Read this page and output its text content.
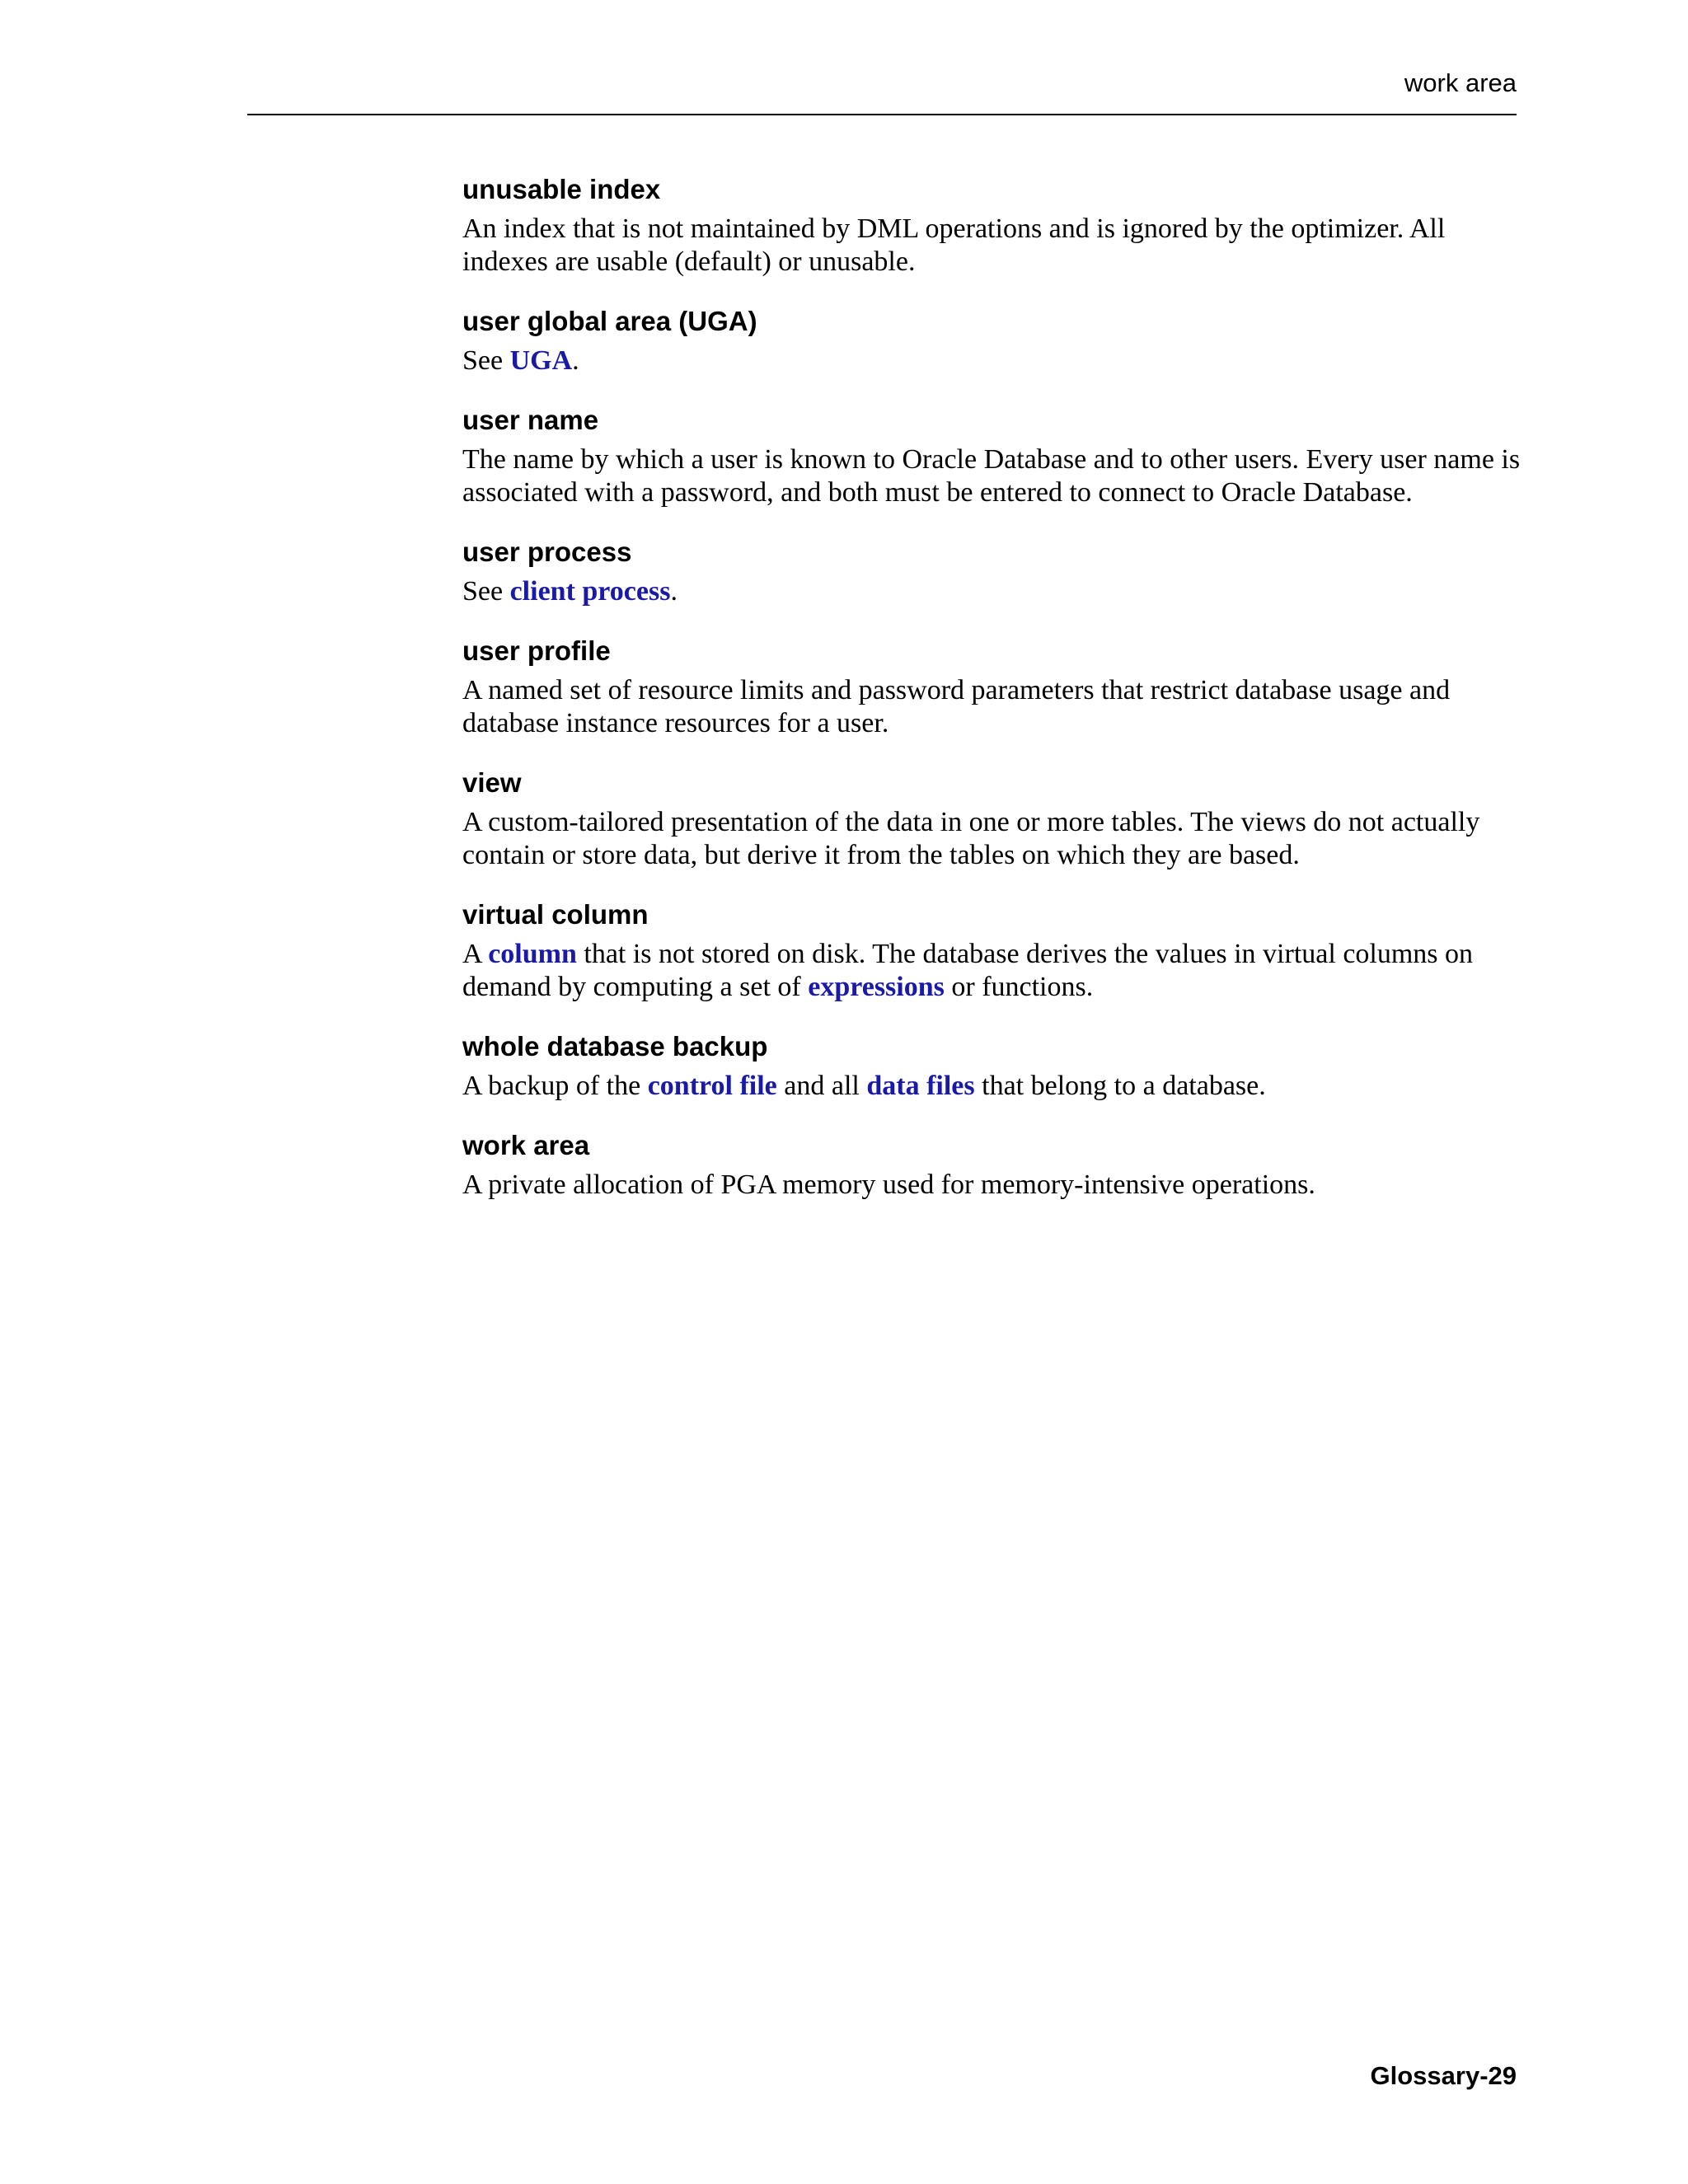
work area
unusable index

An index that is not maintained by DML operations and is ignored by the optimizer. All indexes are usable (default) or unusable.

user global area (UGA)

See UGA.

user name

The name by which a user is known to Oracle Database and to other users. Every user name is associated with a password, and both must be entered to connect to Oracle Database.

user process

See client process.

user profile

A named set of resource limits and password parameters that restrict database usage and database instance resources for a user.

view

A custom-tailored presentation of the data in one or more tables. The views do not actually contain or store data, but derive it from the tables on which they are based.

virtual column

A column that is not stored on disk. The database derives the values in virtual columns on demand by computing a set of expressions or functions.

whole database backup

A backup of the control file and all data files that belong to a database.

work area

A private allocation of PGA memory used for memory-intensive operations.

Glossary-29
